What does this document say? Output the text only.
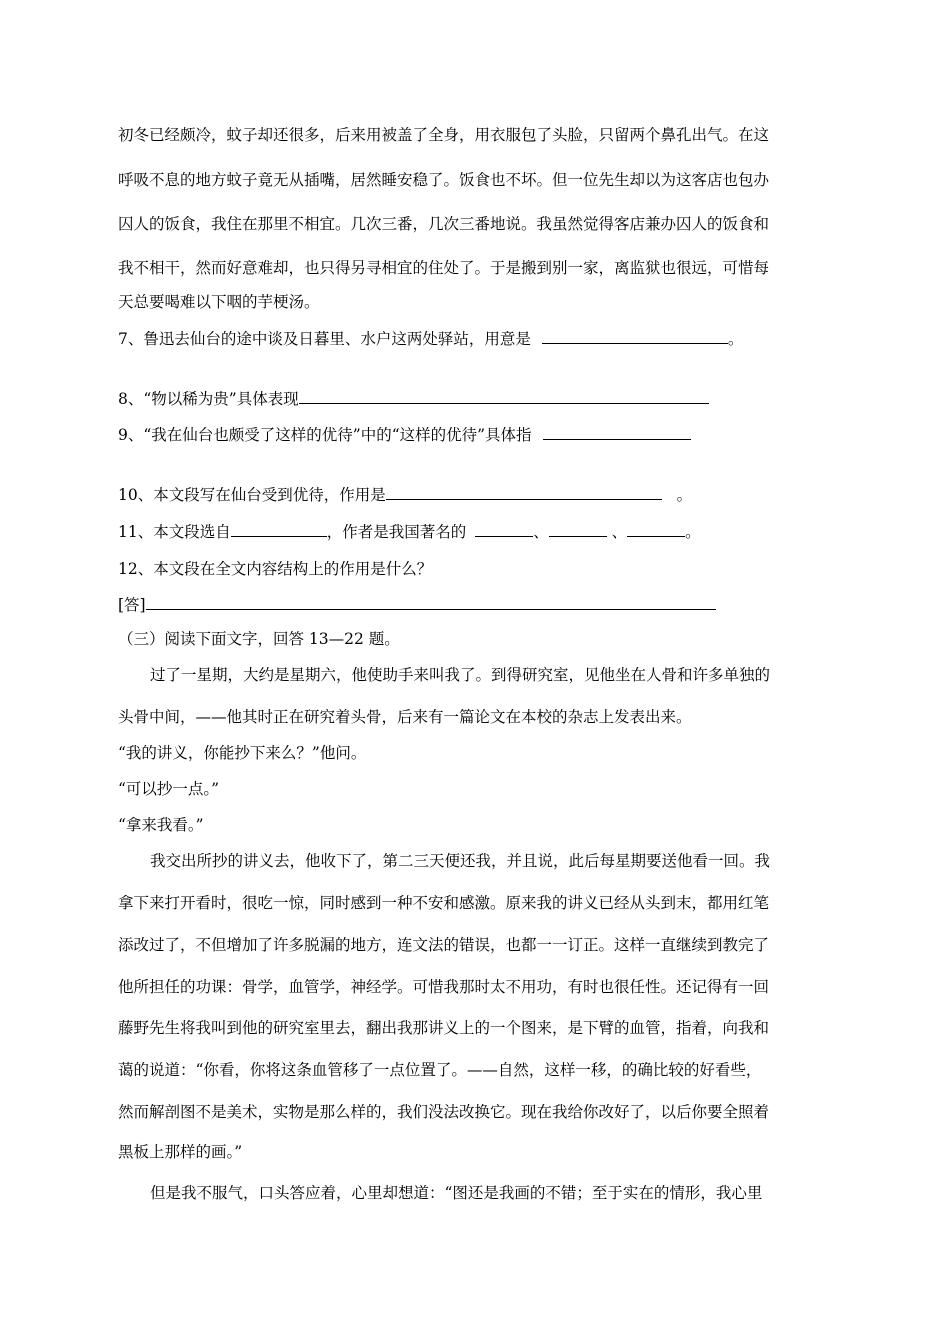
初冬已经颇冷，蚊子却还很多，后来用被盖了全身，用衣服包了头脸，只留两个鼻孔出气。在这
呼吸不息的地方蚊子竟无从插嘴，居然睡安稳了。饭食也不坏。但一位先生却以为这客店也包办
囚人的饭食，我住在那里不相宜。几次三番，几次三番地说。我虽然觉得客店兼办囚人的饭食和
我不相干，然而好意难却，也只得另寻相宜的住处了。于是搬到别一家，离监狱也很远，可惜每
天总要喝难以下咽的芋梗汤。
7、鲁迅去仙台的途中谈及日暮里、水户这两处驿站，用意是	。
8、“物以稀为贵”具体表现
9、“我在仙台也颇受了这样的优待”中的“这样的优待”具体指
10、本文段写在仙台受到优待，作用是	。
11、本文段选自	，作者是我国著名的	、	、	。
12、本文段在全文内容结构上的作用是什么？
[答]
（三）阅读下面文字，回答 13—22 题。
过了一星期，大约是星期六，他使助手来叫我了。到得研究室，见他坐在人骨和许多单独的
头骨中间，——他其时正在研究着头骨，后来有一篇论文在本校的杂志上发表出来。
“我的讲义，你能抄下来么？”他问。
“可以抄一点。”
“拿来我看。”
我交出所抄的讲义去，他收下了，第二三天便还我，并且说，此后每星期要送他看一回。我
拿下来打开看时，很吃一惊，同时感到一种不安和感激。原来我的讲义已经从头到末，都用红笔
添改过了，不但增加了许多脱漏的地方，连文法的错误，也都一一订正。这样一直继续到教完了
他所担任的功课：骨学，血管学，神经学。可惜我那时太不用功，有时也很任性。还记得有一回
藤野先生将我叫到他的研究室里去，翻出我那讲义上的一个图来，是下臂的血管，指着，向我和
蔼的说道：“你看，你将这条血管移了一点位置了。——自然，这样一移，的确比较的好看些，
然而解剖图不是美术，实物是那么样的，我们没法改换它。现在我给你改好了，以后你要全照着
黑板上那样的画。”
但是我不服气，口头答应着，心里却想道：“图还是我画的不错；至于实在的情形，我心里
